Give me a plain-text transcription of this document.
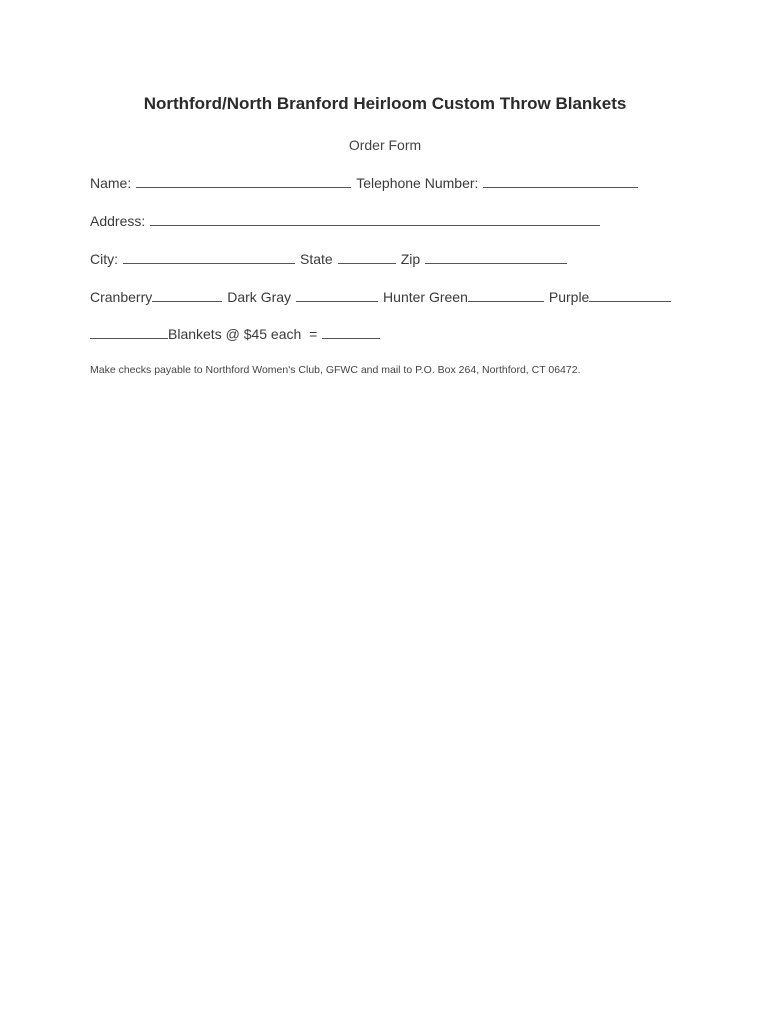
Northford/North Branford Heirloom Custom Throw Blankets
Order Form
Name:	Telephone Number:
Address:
City:	State	Zip
Cranberry	Dark Gray	Hunter Green	Purple
Blankets @ $45 each  =
Make checks payable to Northford Women's Club, GFWC and mail to P.O. Box 264, Northford, CT 06472.
